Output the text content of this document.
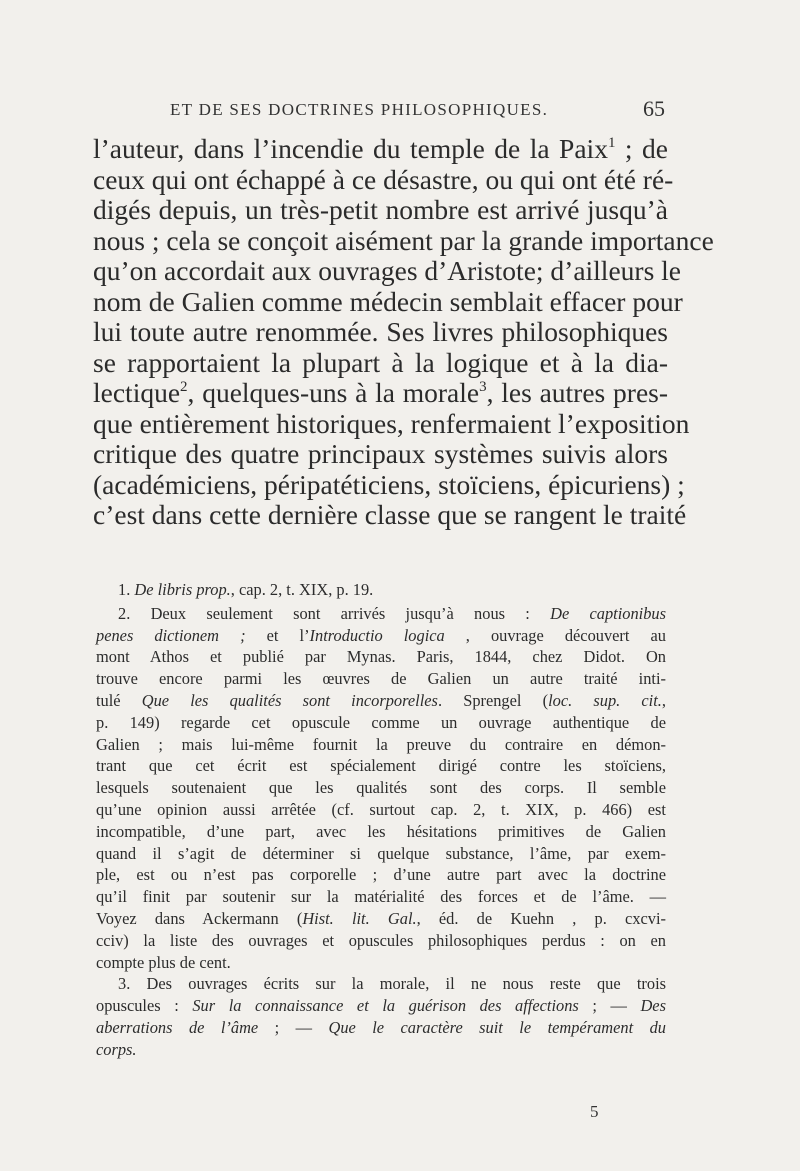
ET DE SES DOCTRINES PHILOSOPHIQUES.	65
l’auteur, dans l’incendie du temple de la Paix$^1$ ; de
ceux qui ont échappé à ce désastre, ou qui ont été ré-
digés depuis, un très-petit nombre est arrivé jusqu’à
nous ; cela se conçoit aisément par la grande importance
qu’on accordait aux ouvrages d’Aristote; d’ailleurs le
nom de Galien comme médecin semblait effacer pour
lui toute autre renommée. Ses livres philosophiques
se rapportaient la plupart à la logique et à la dia-
lectique$^2$, quelques-uns à la morale$^3$, les autres pres-
que entièrement historiques, renfermaient l’exposition
critique des quatre principaux systèmes suivis alors
(académiciens, péripatéticiens, stoïciens, épicuriens) ;
c’est dans cette dernière classe que se rangent le traité
1. De libris prop., cap. 2, t. XIX, p. 19.
2. Deux seulement sont arrivés jusqu’à nous : De captionibus
penes dictionem ; et l’Introductio logica , ouvrage découvert au
mont Athos et publié par Mynas. Paris, 1844, chez Didot. On
trouve encore parmi les œuvres de Galien un autre traité inti-
tulé Que les qualités sont incorporelles. Sprengel (loc. sup. cit.,
p. 149) regarde cet opuscule comme un ouvrage authentique de
Galien ; mais lui-même fournit la preuve du contraire en démon-
trant que cet écrit est spécialement dirigé contre les stoïciens,
lesquels soutenaient que les qualités sont des corps. Il semble
qu’une opinion aussi arrêtée (cf. surtout cap. 2, t. XIX, p. 466) est
incompatible, d’une part, avec les hésitations primitives de Galien
quand il s’agit de déterminer si quelque substance, l’âme, par exem-
ple, est ou n’est pas corporelle ; d’une autre part avec la doctrine
qu’il finit par soutenir sur la matérialité des forces et de l’âme. —
Voyez dans Ackermann (Hist. lit. Gal., éd. de Kuehn , p. cxcvi-
cciv) la liste des ouvrages et opuscules philosophiques perdus : on en
compte plus de cent.
3. Des ouvrages écrits sur la morale, il ne nous reste que trois
opuscules : Sur la connaissance et la guérison des affections ; — Des
aberrations de l’âme ; — Que le caractère suit le tempérament du
corps.
5
